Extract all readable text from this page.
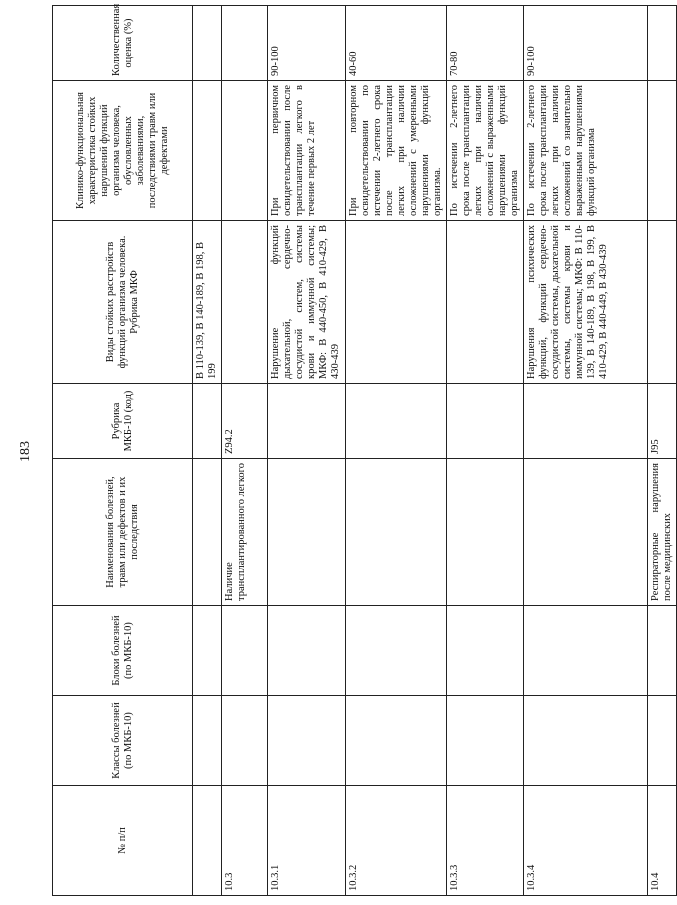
183
№ п/п	Классы болезней (по МКБ-10)	Блоки болезней (по МКБ-10)	Наименования болезней, травм или дефектов и их последствия	Рубрика МКБ-10 (код)	Виды стойких расстройств функций организма человека. Рубрика МКФ	Клинико-функциональная характеристика стойких нарушений функций организма человека, обусловленных заболеваниями, последствиями травм или дефектами	Количественная оценка (%)
					В 110-139, В 140-189, В 198, В 199		
10.3			Наличие трансплантированного легкого	Z94.2			
10.3.1					Нарушение функций дыхательной, сердечно-сосудистой систем, системы крови и иммунной системы; МКФ: В 440-450, В 410-429, В 430-439	При первичном освидетельствовании после трансплантации легкого в течение первых 2 лет	90-100
10.3.2						При повторном освидетельствовании по истечении 2-летнего срока после трансплантации легких при наличии осложнений с умеренными нарушениями функций организма.	40-60
10.3.3						По истечении 2-летнего срока после трансплантации легких при наличии осложнений с выраженными нарушениями функций организма	70-80
10.3.4					Нарушения психических функций, функций сердечно-сосудистой системы, дыхательной системы, системы крови и иммунной системы; МКФ: В 110-139, В 140-189, В 198, В 199, В 410-429, В 440-449, В 430-439	По истечении 2-летнего срока после трансплантации легких при наличии осложнений со значительно выраженными нарушениями функций организма	90-100
10.4			Респираторные нарушения после медицинских	J95			
